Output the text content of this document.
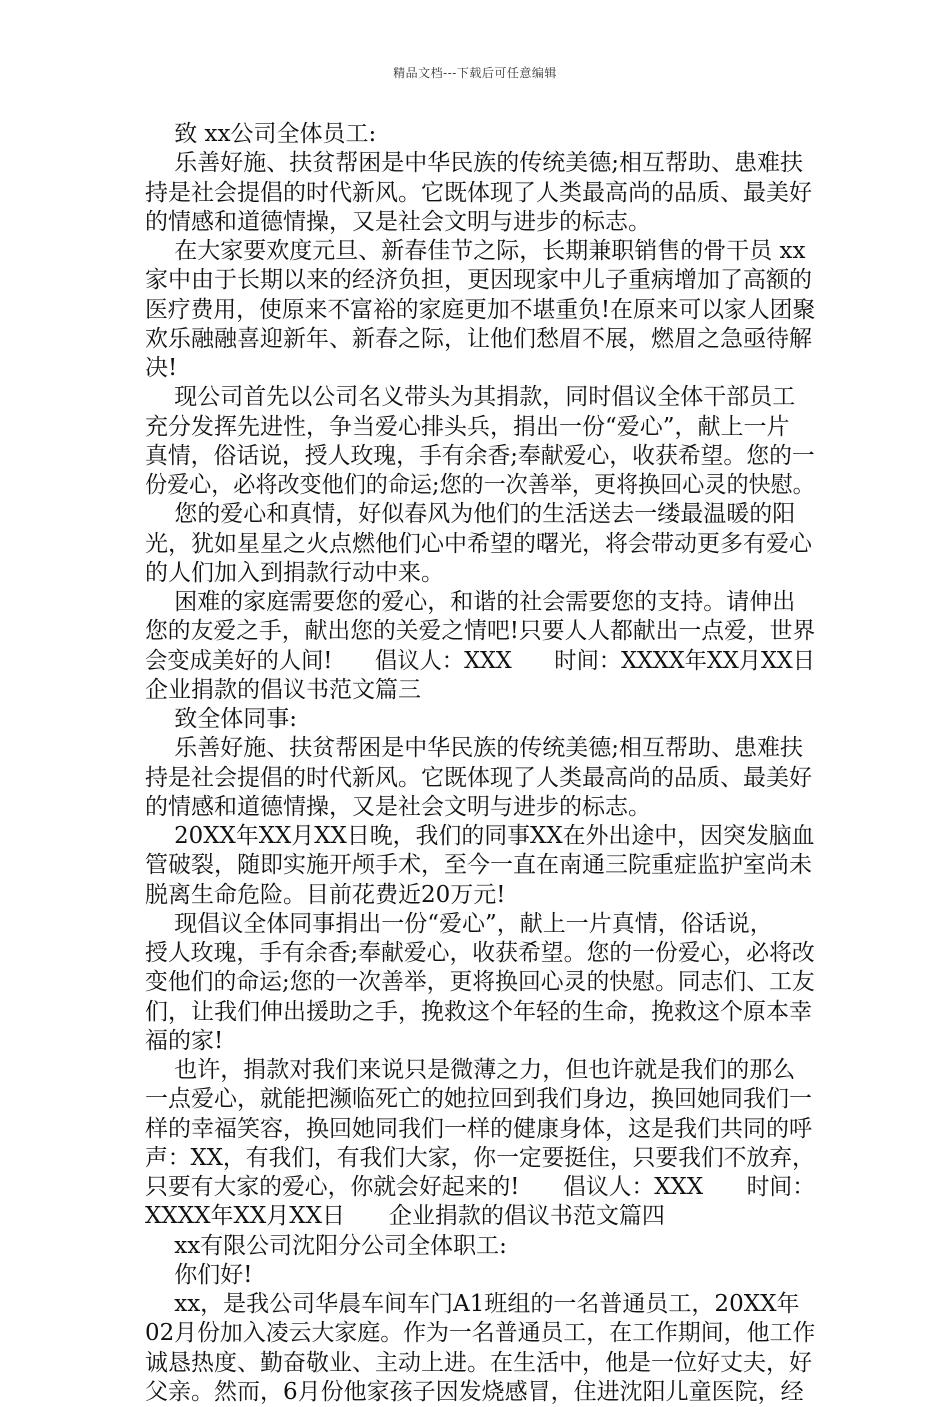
精品文档---下载后可任意编辑
致 xx公司全体员工:
乐善好施、扶贫帮困是中华民族的传统美德;相互帮助、患难扶
持是社会提倡的时代新风。它既体现了人类最高尚的品质、最美好
的情感和道德情操，又是社会文明与进步的标志。
在大家要欢度元旦、新春佳节之际，长期兼职销售的骨干员 xx
家中由于长期以来的经济负担，更因现家中儿子重病增加了高额的
医疗费用，使原来不富裕的家庭更加不堪重负!在原来可以家人团聚
欢乐融融喜迎新年、新春之际，让他们愁眉不展，燃眉之急亟待解
决!
现公司首先以公司名义带头为其捐款，同时倡议全体干部员工
充分发挥先进性，争当爱心排头兵，捐出一份“爱心”，献上一片
真情，俗话说，授人玫瑰，手有余香;奉献爱心，收获希望。您的一
份爱心，必将改变他们的命运;您的一次善举，更将换回心灵的快慰。
您的爱心和真情，好似春风为他们的生活送去一缕最温暖的阳
光，犹如星星之火点燃他们心中希望的曙光，将会带动更多有爱心
的人们加入到捐款行动中来。
困难的家庭需要您的爱心，和谐的社会需要您的支持。请伸出
您的友爱之手，献出您的关爱之情吧!只要人人都献出一点爱，世界
会变成美好的人间!      倡议人：XXX      时间：XXXX年XX月XX日
企业捐款的倡议书范文篇三
致全体同事:
乐善好施、扶贫帮困是中华民族的传统美德;相互帮助、患难扶
持是社会提倡的时代新风。它既体现了人类最高尚的品质、最美好
的情感和道德情操，又是社会文明与进步的标志。
20XX年XX月XX日晚，我们的同事XX在外出途中，因突发脑血
管破裂，随即实施开颅手术，至今一直在南通三院重症监护室尚未
脱离生命危险。目前花费近20万元!
现倡议全体同事捐出一份“爱心”，献上一片真情，俗话说，
授人玫瑰，手有余香;奉献爱心，收获希望。您的一份爱心，必将改
变他们的命运;您的一次善举，更将换回心灵的快慰。同志们、工友
们，让我们伸出援助之手，挽救这个年轻的生命，挽救这个原本幸
福的家!
也许，捐款对我们来说只是微薄之力，但也许就是我们的那么
一点爱心，就能把濒临死亡的她拉回到我们身边，换回她同我们一
样的幸福笑容，换回她同我们一样的健康身体，这是我们共同的呼
声：XX，有我们，有我们大家，你一定要挺住，只要我们不放弃，
只要有大家的爱心，你就会好起来的!      倡议人：XXX      时间：
XXXX年XX月XX日      企业捐款的倡议书范文篇四
xx有限公司沈阳分公司全体职工:
你们好!
xx，是我公司华晨车间车门A1班组的一名普通员工，20XX年
02月份加入凌云大家庭。作为一名普通员工，在工作期间，他工作
诚恳热度、勤奋敬业、主动上进。在生活中，他是一位好丈夫，好
父亲。然而，6月份他家孩子因发烧感冒，住进沈阳儿童医院，经
